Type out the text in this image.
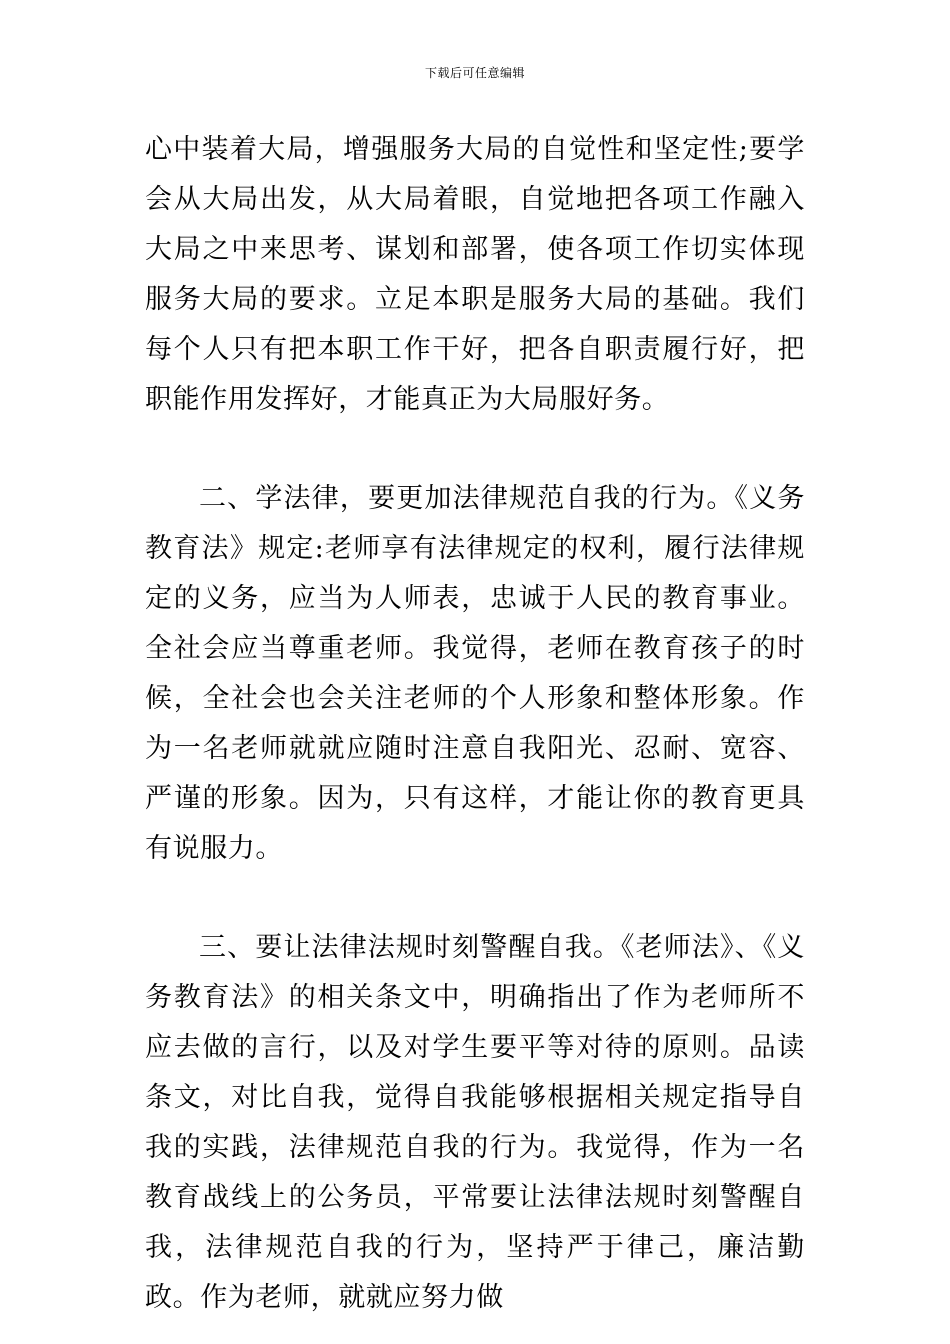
下载后可任意编辑

心中装着大局，增强服务大局的自觉性和坚定性;要学会从大局出发，从大局着眼，自觉地把各项工作融入大局之中来思考、谋划和部署，使各项工作切实体现服务大局的要求。立足本职是服务大局的基础。我们每个人只有把本职工作干好，把各自职责履行好，把职能作用发挥好，才能真正为大局服好务。

二、学法律，要更加法律规范自我的行为。《义务教育法》规定:老师享有法律规定的权利，履行法律规定的义务，应当为人师表，忠诚于人民的教育事业。全社会应当尊重老师。我觉得，老师在教育孩子的时候，全社会也会关注老师的个人形象和整体形象。作为一名老师就就应随时注意自我阳光、忍耐、宽容、严谨的形象。因为，只有这样，才能让你的教育更具有说服力。

三、要让法律法规时刻警醒自我。《老师法》、《义务教育法》的相关条文中，明确指出了作为老师所不应去做的言行，以及对学生要平等对待的原则。品读条文，对比自我，觉得自我能够根据相关规定指导自我的实践，法律规范自我的行为。我觉得，作为一名教育战线上的公务员，平常要让法律法规时刻警醒自我，法律规范自我的行为，坚持严于律己，廉洁勤政。作为老师，就就应努力做
